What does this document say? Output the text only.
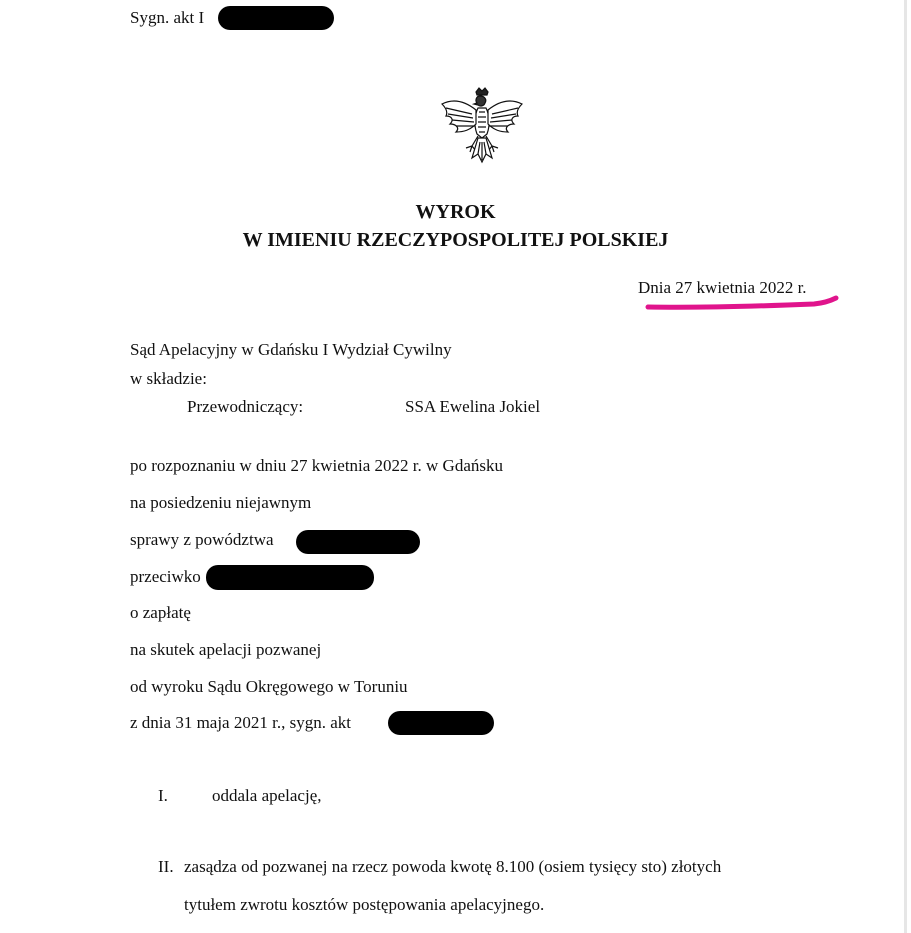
Sygn. akt I
WYROK
W IMIENIU RZECZYPOSPOLITEJ POLSKIEJ
Dnia 27 kwietnia 2022 r.
Sąd Apelacyjny w Gdańsku I Wydział Cywilny
w składzie:
Przewodniczący:	SSA Ewelina Jokiel
po rozpoznaniu w dniu 27 kwietnia 2022 r. w Gdańsku
na posiedzeniu niejawnym
sprawy z powództwa
przeciwko
o zapłatę
na skutek apelacji pozwanej
od wyroku Sądu Okręgowego w Toruniu
z dnia 31 maja 2021 r., sygn. akt
I.	oddala apelację,
II. zasądza od pozwanej na rzecz powoda kwotę 8.100 (osiem tysięcy sto) złotych
tytułem zwrotu kosztów postępowania apelacyjnego.
